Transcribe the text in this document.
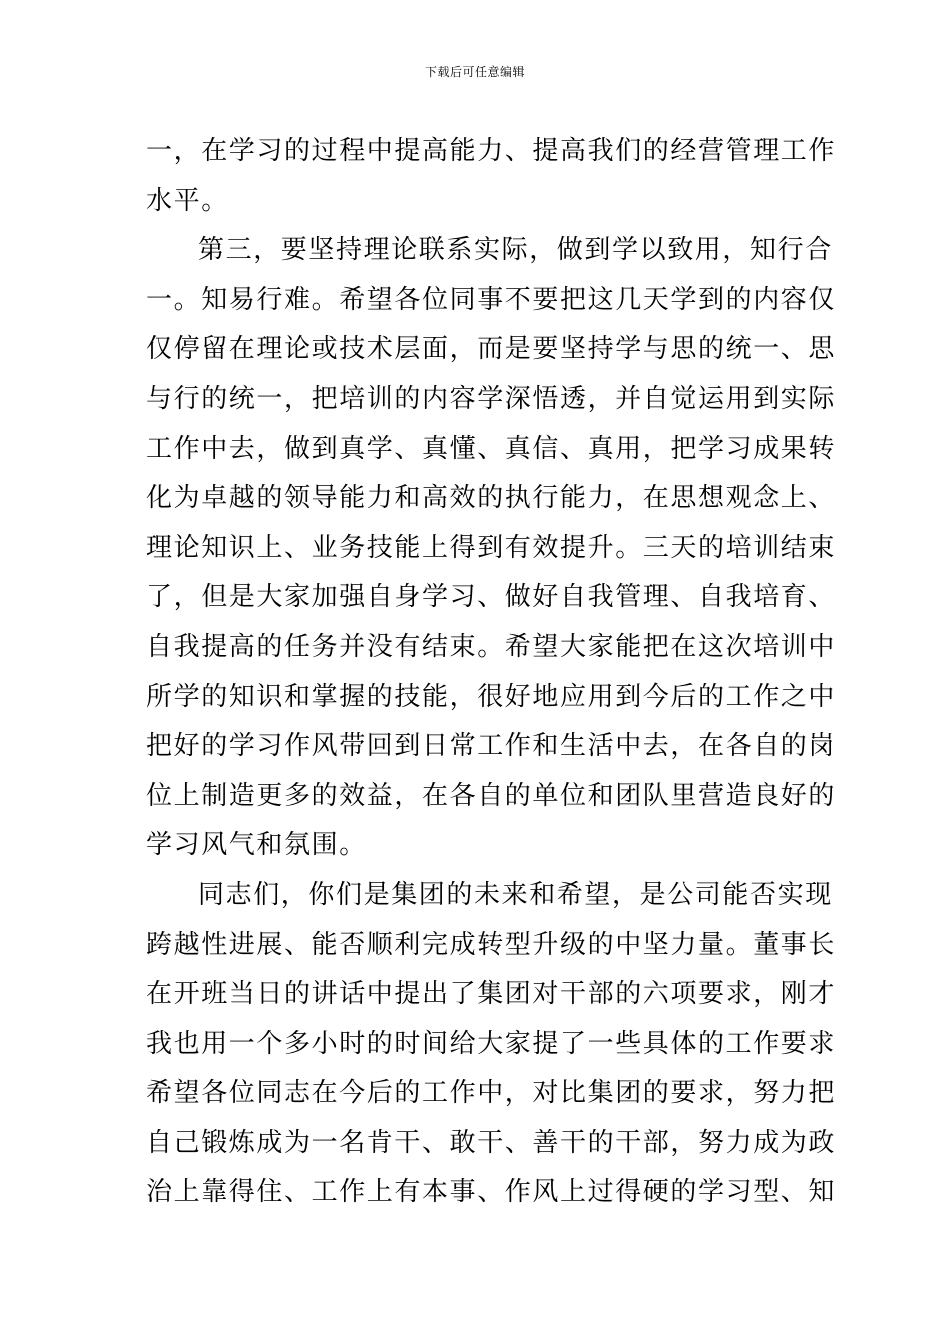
下载后可任意编辑
一，在学习的过程中提高能力、提高我们的经营管理工作
水平。
第三，要坚持理论联系实际，做到学以致用，知行合
一。知易行难。希望各位同事不要把这几天学到的内容仅
仅停留在理论或技术层面，而是要坚持学与思的统一、思
与行的统一，把培训的内容学深悟透，并自觉运用到实际
工作中去，做到真学、真懂、真信、真用，把学习成果转
化为卓越的领导能力和高效的执行能力，在思想观念上、
理论知识上、业务技能上得到有效提升。三天的培训结束
了，但是大家加强自身学习、做好自我管理、自我培育、
自我提高的任务并没有结束。希望大家能把在这次培训中
所学的知识和掌握的技能，很好地应用到今后的工作之中
把好的学习作风带回到日常工作和生活中去，在各自的岗
位上制造更多的效益，在各自的单位和团队里营造良好的
学习风气和氛围。
同志们，你们是集团的未来和希望，是公司能否实现
跨越性进展、能否顺利完成转型升级的中坚力量。董事长
在开班当日的讲话中提出了集团对干部的六项要求，刚才
我也用一个多小时的时间给大家提了一些具体的工作要求
希望各位同志在今后的工作中，对比集团的要求，努力把
自己锻炼成为一名肯干、敢干、善干的干部，努力成为政
治上靠得住、工作上有本事、作风上过得硬的学习型、知
